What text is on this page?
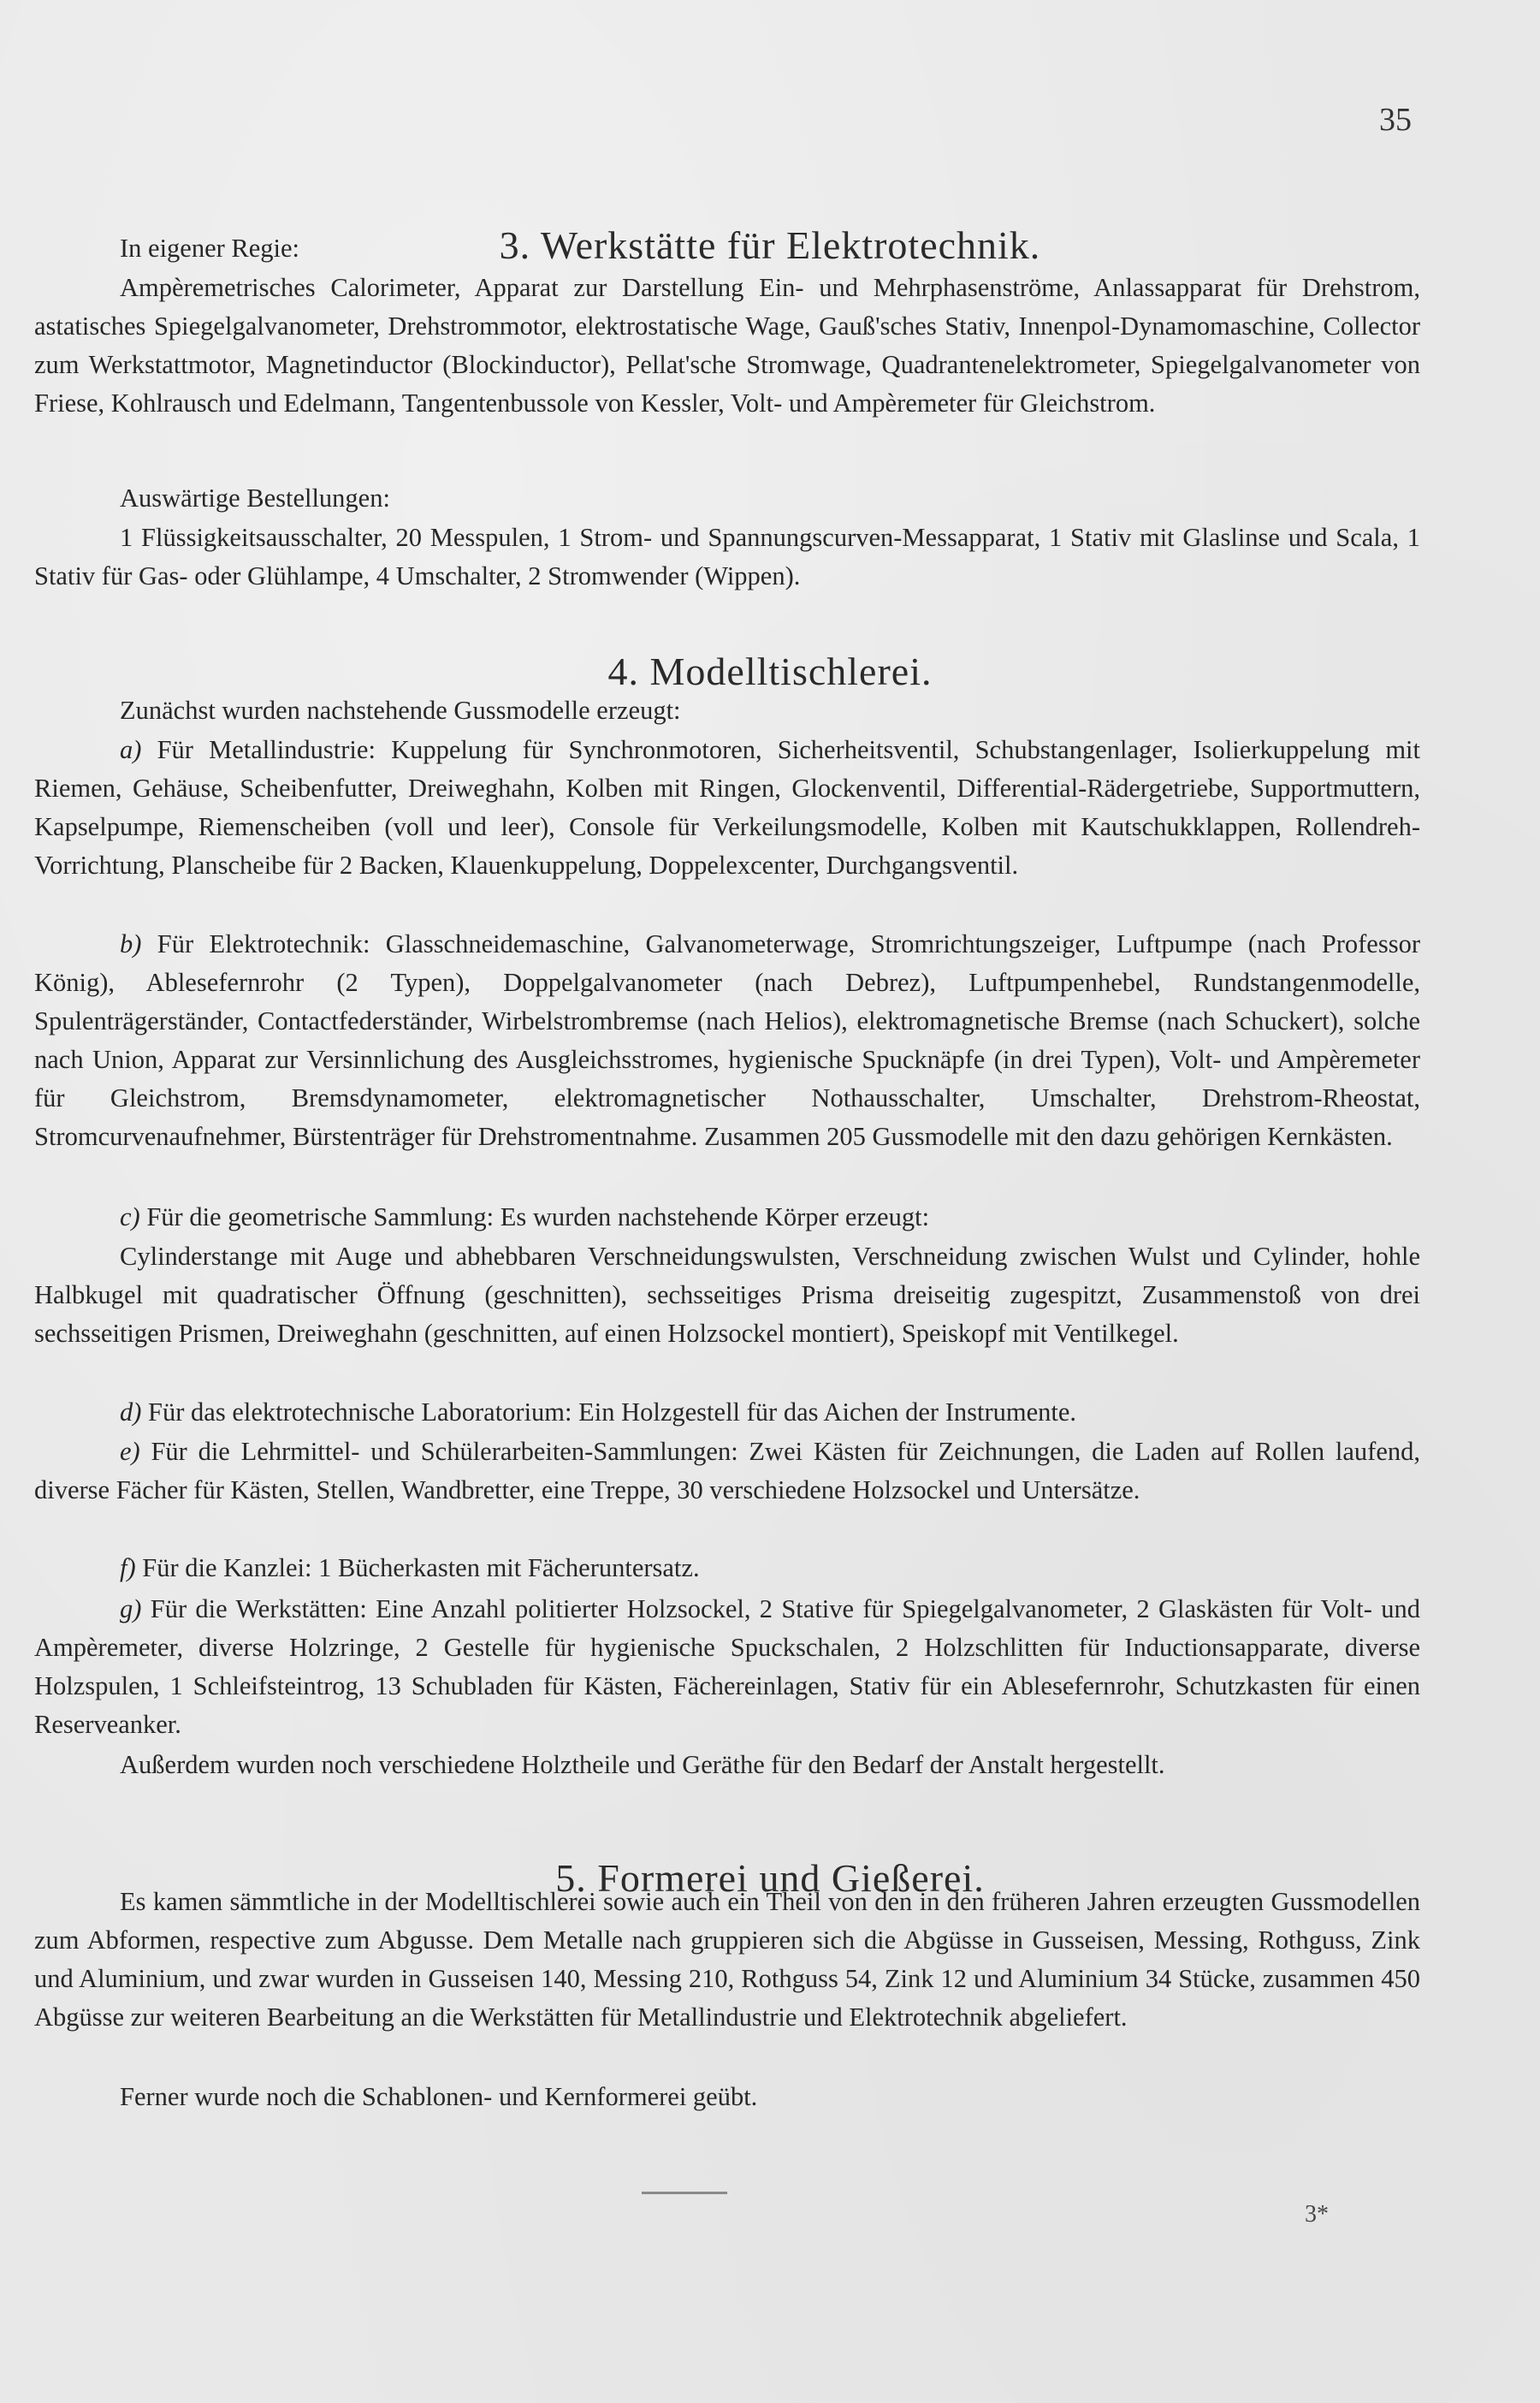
35
3. Werkstätte für Elektrotechnik.
In eigener Regie:
Ampèremetrisches Calorimeter, Apparat zur Darstellung Ein- und Mehrphasenströme, Anlassapparat für Drehstrom, astatisches Spiegelgalvanometer, Drehstrommotor, elektrostatische Wage, Gauß'sches Stativ, Innenpol-Dynamomaschine, Collector zum Werkstattmotor, Magnetinductor (Blockinductor), Pellat'sche Stromwage, Quadrantenelektrometer, Spiegelgalvanometer von Friese, Kohlrausch und Edelmann, Tangentenbussole von Kessler, Volt- und Ampèremeter für Gleichstrom.
Auswärtige Bestellungen:
1 Flüssigkeitsausschalter, 20 Messpulen, 1 Strom- und Spannungscurven-Messapparat, 1 Stativ mit Glaslinse und Scala, 1 Stativ für Gas- oder Glühlampe, 4 Umschalter, 2 Stromwender (Wippen).
4. Modelltischlerei.
Zunächst wurden nachstehende Gussmodelle erzeugt:
a) Für Metallindustrie: Kuppelung für Synchronmotoren, Sicherheitsventil, Schubstangenlager, Isolierkuppelung mit Riemen, Gehäuse, Scheibenfutter, Dreiweghahn, Kolben mit Ringen, Glockenventil, Differential-Rädergetriebe, Supportmuttern, Kapselpumpe, Riemenscheiben (voll und leer), Console für Verkeilungsmodelle, Kolben mit Kautschukklappen, Rollendreh-Vorrichtung, Planscheibe für 2 Backen, Klauenkuppelung, Doppelexcenter, Durchgangsventil.
b) Für Elektrotechnik: Glasschneidemaschine, Galvanometerwage, Stromrichtungszeiger, Luftpumpe (nach Professor König), Ablesefernrohr (2 Typen), Doppelgalvanometer (nach Debrez), Luftpumpenhebel, Rundstangenmodelle, Spulenträgerständer, Contactfederständer, Wirbelstrombremse (nach Helios), elektromagnetische Bremse (nach Schuckert), solche nach Union, Apparat zur Versinnlichung des Ausgleichsstromes, hygienische Spucknäpfe (in drei Typen), Volt- und Ampèremeter für Gleichstrom, Bremsdynamometer, elektromagnetischer Nothausschalter, Umschalter, Drehstrom-Rheostat, Stromcurvenaufnehmer, Bürstenträger für Drehstromentnahme. Zusammen 205 Gussmodelle mit den dazu gehörigen Kernkästen.
c) Für die geometrische Sammlung: Es wurden nachstehende Körper erzeugt:
Cylinderstange mit Auge und abhebbaren Verschneidungswulsten, Verschneidung zwischen Wulst und Cylinder, hohle Halbkugel mit quadratischer Öffnung (geschnitten), sechsseitiges Prisma dreiseitig zugespitzt, Zusammenstoß von drei sechsseitigen Prismen, Dreiweghahn (geschnitten, auf einen Holzsockel montiert), Speiskopf mit Ventilkegel.
d) Für das elektrotechnische Laboratorium: Ein Holzgestell für das Aichen der Instrumente.
e) Für die Lehrmittel- und Schülerarbeiten-Sammlungen: Zwei Kästen für Zeichnungen, die Laden auf Rollen laufend, diverse Fächer für Kästen, Stellen, Wandbretter, eine Treppe, 30 verschiedene Holzsockel und Untersätze.
f) Für die Kanzlei: 1 Bücherkasten mit Fächeruntersatz.
g) Für die Werkstätten: Eine Anzahl politierter Holzsockel, 2 Stative für Spiegelgalvanometer, 2 Glaskästen für Volt- und Ampèremeter, diverse Holzringe, 2 Gestelle für hygienische Spuckschalen, 2 Holzschlitten für Inductionsapparate, diverse Holzspulen, 1 Schleifsteintrog, 13 Schubladen für Kästen, Fächereinlagen, Stativ für ein Ablesefernrohr, Schutzkasten für einen Reserveanker.
Außerdem wurden noch verschiedene Holztheile und Geräthe für den Bedarf der Anstalt hergestellt.
5. Formerei und Gießerei.
Es kamen sämmtliche in der Modelltischlerei sowie auch ein Theil von den in den früheren Jahren erzeugten Gussmodellen zum Abformen, respective zum Abgusse. Dem Metalle nach gruppieren sich die Abgüsse in Gusseisen, Messing, Rothguss, Zink und Aluminium, und zwar wurden in Gusseisen 140, Messing 210, Rothguss 54, Zink 12 und Aluminium 34 Stücke, zusammen 450 Abgüsse zur weiteren Bearbeitung an die Werkstätten für Metallindustrie und Elektrotechnik abgeliefert.
Ferner wurde noch die Schablonen- und Kernformerei geübt.
3*
